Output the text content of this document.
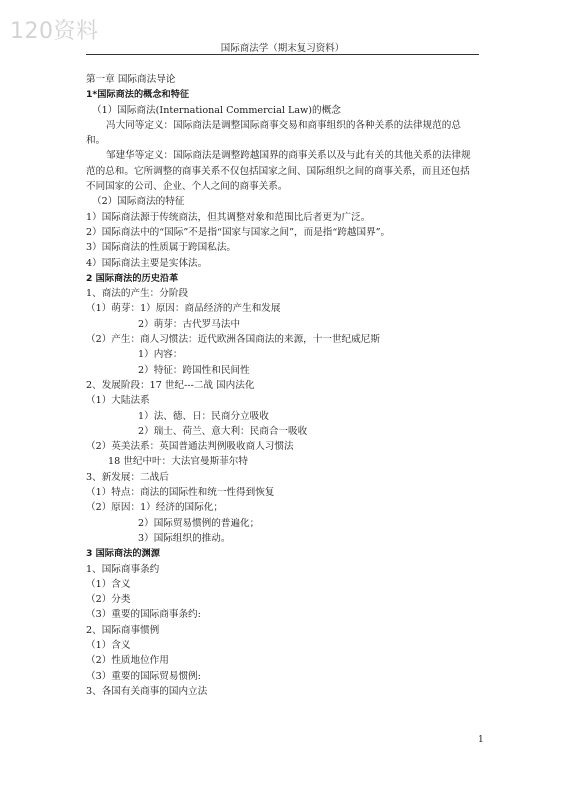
120资料
国际商法学（期末复习资料）
第一章 国际商法导论
1*国际商法的概念和特征
（1）国际商法(International Commercial Law)的概念
冯大同等定义：国际商法是调整国际商事交易和商事组织的各种关系的法律规范的总和。
邹建华等定义：国际商法是调整跨越国界的商事关系以及与此有关的其他关系的法律规范的总和。它所调整的商事关系不仅包括国家之间、国际组织之间的商事关系，而且还包括不同国家的公司、企业、个人之间的商事关系。
（2）国际商法的特征
1）国际商法源于传统商法，但其调整对象和范围比后者更为广泛。
2）国际商法中的“国际”不是指“国家与国家之间”，而是指“跨越国界”。
3）国际商法的性质属于跨国私法。
4）国际商法主要是实体法。
2 国际商法的历史沿革
1、商法的产生：分阶段
（1）萌芽：1）原因：商品经济的产生和发展
2）萌芽：古代罗马法中
（2）产生：商人习惯法：近代欧洲各国商法的来源，十一世纪威尼斯
1）内容：
2）特征：跨国性和民间性
2、发展阶段：17 世纪---二战 国内法化
（1）大陆法系
1）法、德、日：民商分立吸收
2）瑞士、荷兰、意大利：民商合一吸收
（2）英美法系：英国普通法判例吸收商人习惯法
18 世纪中叶：大法官曼斯菲尔特
3、新发展：二战后
（1）特点：商法的国际性和统一性得到恢复
（2）原因：1）经济的国际化；
2）国际贸易惯例的普遍化；
3）国际组织的推动。
3 国际商法的渊源
1、国际商事条约
（1）含义
（2）分类
（3）重要的国际商事条约:
2、国际商事惯例
（1）含义
（2）性质地位作用
（3）重要的国际贸易惯例:
3、各国有关商事的国内立法
1
